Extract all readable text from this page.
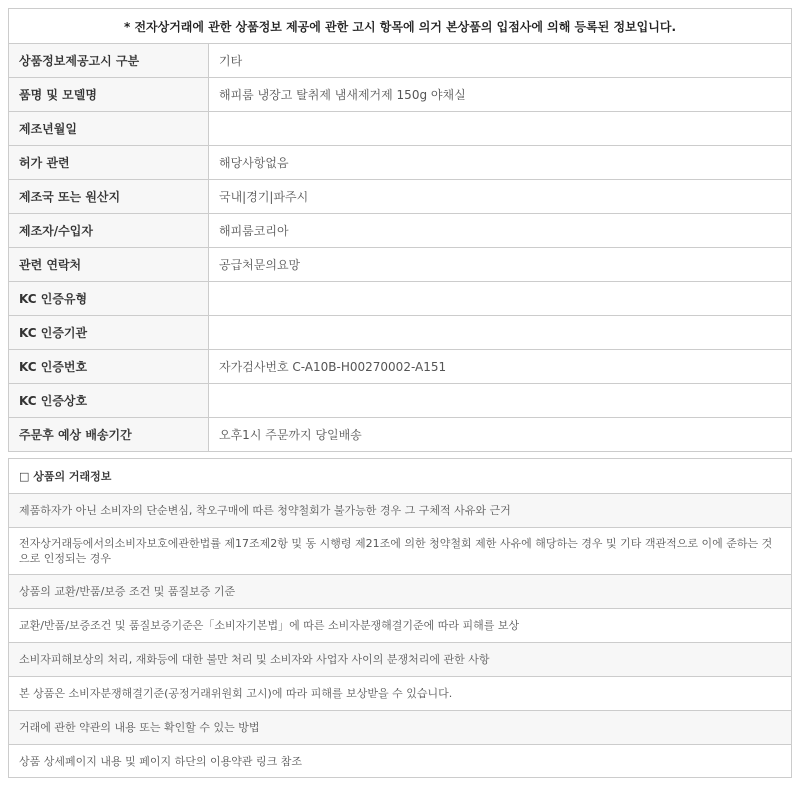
* 전자상거래에 관한 상품정보 제공에 관한 고시 항목에 의거 본상품의 입점사에 의해 등록된 정보입니다.
상품정보제공고시 구분	기타
품명 및 모델명	해피룸 냉장고 탈취제 냄새제거제 150g 야채실
제조년월일	
허가 관련	해당사항없음
제조국 또는 원산지	국내|경기|파주시
제조자/수입자	해피룸코리아
관련 연락처	공급처문의요망
KC 인증유형	
KC 인증기관	
KC 인증번호	자가검사번호 C-A10B-H00270002-A151
KC 인증상호	
주문후 예상 배송기간	오후1시 주문까지 당일배송
□ 상품의 거래정보
제품하자가 아닌 소비자의 단순변심, 착오구매에 따른 청약철회가 불가능한 경우 그 구체적 사유와 근거
전자상거래등에서의소비자보호에관한법률 제17조제2항 및 동 시행령 제21조에 의한 청약철회 제한 사유에 해당하는 경우 및 기타 객관적으로 이에 준하는 것으로 인정되는 경우
상품의 교환/반품/보증 조건 및 품질보증 기준
교환/반품/보증조건 및 품질보증기준은「소비자기본법」에 따른 소비자분쟁해결기준에 따라 피해를 보상
소비자피해보상의 처리, 재화등에 대한 불만 처리 및 소비자와 사업자 사이의 분쟁처리에 관한 사항
본 상품은 소비자분쟁해결기준(공정거래위원회 고시)에 따라 피해를 보상받을 수 있습니다.
거래에 관한 약관의 내용 또는 확인할 수 있는 방법
상품 상세페이지 내용 및 페이지 하단의 이용약관 링크 참조
